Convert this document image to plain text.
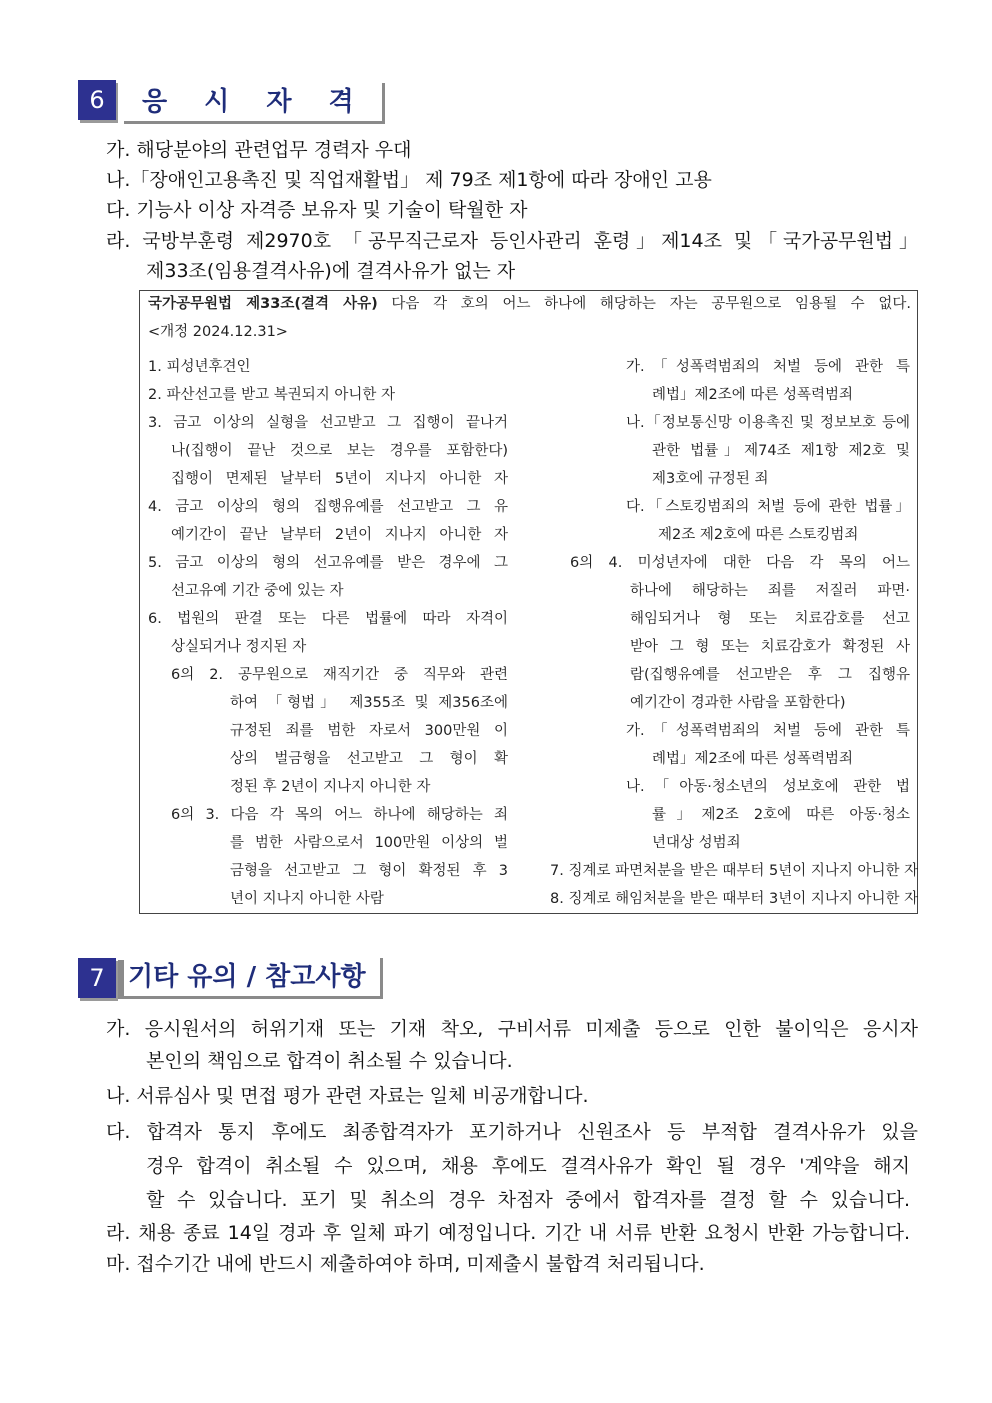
6	응 시 자 격
가. 해당분야의 관련업무 경력자 우대
나.「장애인고용촉진 및 직업재활법」 제 79조 제1항에 따라 장애인 고용
다. 기능사 이상 자격증 보유자 및 기술이 탁월한 자
라. 국방부훈령 제2970호 「공무직근로자 등인사관리 훈령」제14조 및「국가공무원법」
제33조(임용결격사유)에 결격사유가 없는 자
국가공무원법 제33조(결격 사유) 다음 각 호의 어느 하나에 해당하는 자는 공무원으로 임용될 수 없다.
<개정 2024.12.31>
1. 피성년후견인
2. 파산선고를 받고 복권되지 아니한 자
3. 금고 이상의 실형을 선고받고 그 집행이 끝나거
나(집행이 끝난 것으로 보는 경우를 포함한다)
집행이 면제된 날부터 5년이 지나지 아니한 자
4. 금고 이상의 형의 집행유예를 선고받고 그 유
예기간이 끝난 날부터 2년이 지나지 아니한 자
5. 금고 이상의 형의 선고유예를 받은 경우에 그
선고유예 기간 중에 있는 자
6. 법원의 판결 또는 다른 법률에 따라 자격이
상실되거나 정지된 자
6의 2. 공무원으로 재직기간 중 직무와 관련
하여 「형법」 제355조 및 제356조에
규정된 죄를 범한 자로서 300만원 이
상의 벌금형을 선고받고 그 형이 확
정된 후 2년이 지나지 아니한 자
6의 3. 다음 각 목의 어느 하나에 해당하는 죄
를 범한 사람으로서 100만원 이상의 벌
금형을 선고받고 그 형이 확정된 후 3
년이 지나지 아니한 사람
가.「성폭력범죄의 처벌 등에 관한 특
례법」제2조에 따른 성폭력범죄
나.「정보통신망 이용촉진 및 정보보호 등에
관한 법률」제74조 제1항 제2호 및
제3호에 규정된 죄
다.「스토킹범죄의 처벌 등에 관한 법률」
제2조 제2호에 따른 스토킹범죄
6의 4. 미성년자에 대한 다음 각 목의 어느
하나에 해당하는 죄를 저질러 파면·
해임되거나 형 또는 치료감호를 선고
받아 그 형 또는 치료감호가 확정된 사
람(집행유예를 선고받은 후 그 집행유
예기간이 경과한 사람을 포함한다)
가.「성폭력범죄의 처벌 등에 관한 특
례법」제2조에 따른 성폭력범죄
나.「아동·청소년의 성보호에 관한 법
률」제2조 2호에 따른 아동·청소
년대상 성범죄
7. 징계로 파면처분을 받은 때부터 5년이 지나지 아니한 자
8. 징계로 해임처분을 받은 때부터 3년이 지나지 아니한 자
7 기타 유의 / 참고사항
가. 응시원서의 허위기재 또는 기재 착오, 구비서류 미제출 등으로 인한 불이익은 응시자
본인의 책임으로 합격이 취소될 수 있습니다.
나. 서류심사 및 면접 평가 관련 자료는 일체 비공개합니다.
다. 합격자 통지 후에도 최종합격자가 포기하거나 신원조사 등 부적합 결격사유가 있을
경우 합격이 취소될 수 있으며, 채용 후에도 결격사유가 확인 될 경우 '계약을 해지
할 수 있습니다. 포기 및 취소의 경우 차점자 중에서 합격자를 결정 할 수 있습니다.
라. 채용 종료 14일 경과 후 일체 파기 예정입니다. 기간 내 서류 반환 요청시 반환 가능합니다.
마. 접수기간 내에 반드시 제출하여야 하며, 미제출시 불합격 처리됩니다.
